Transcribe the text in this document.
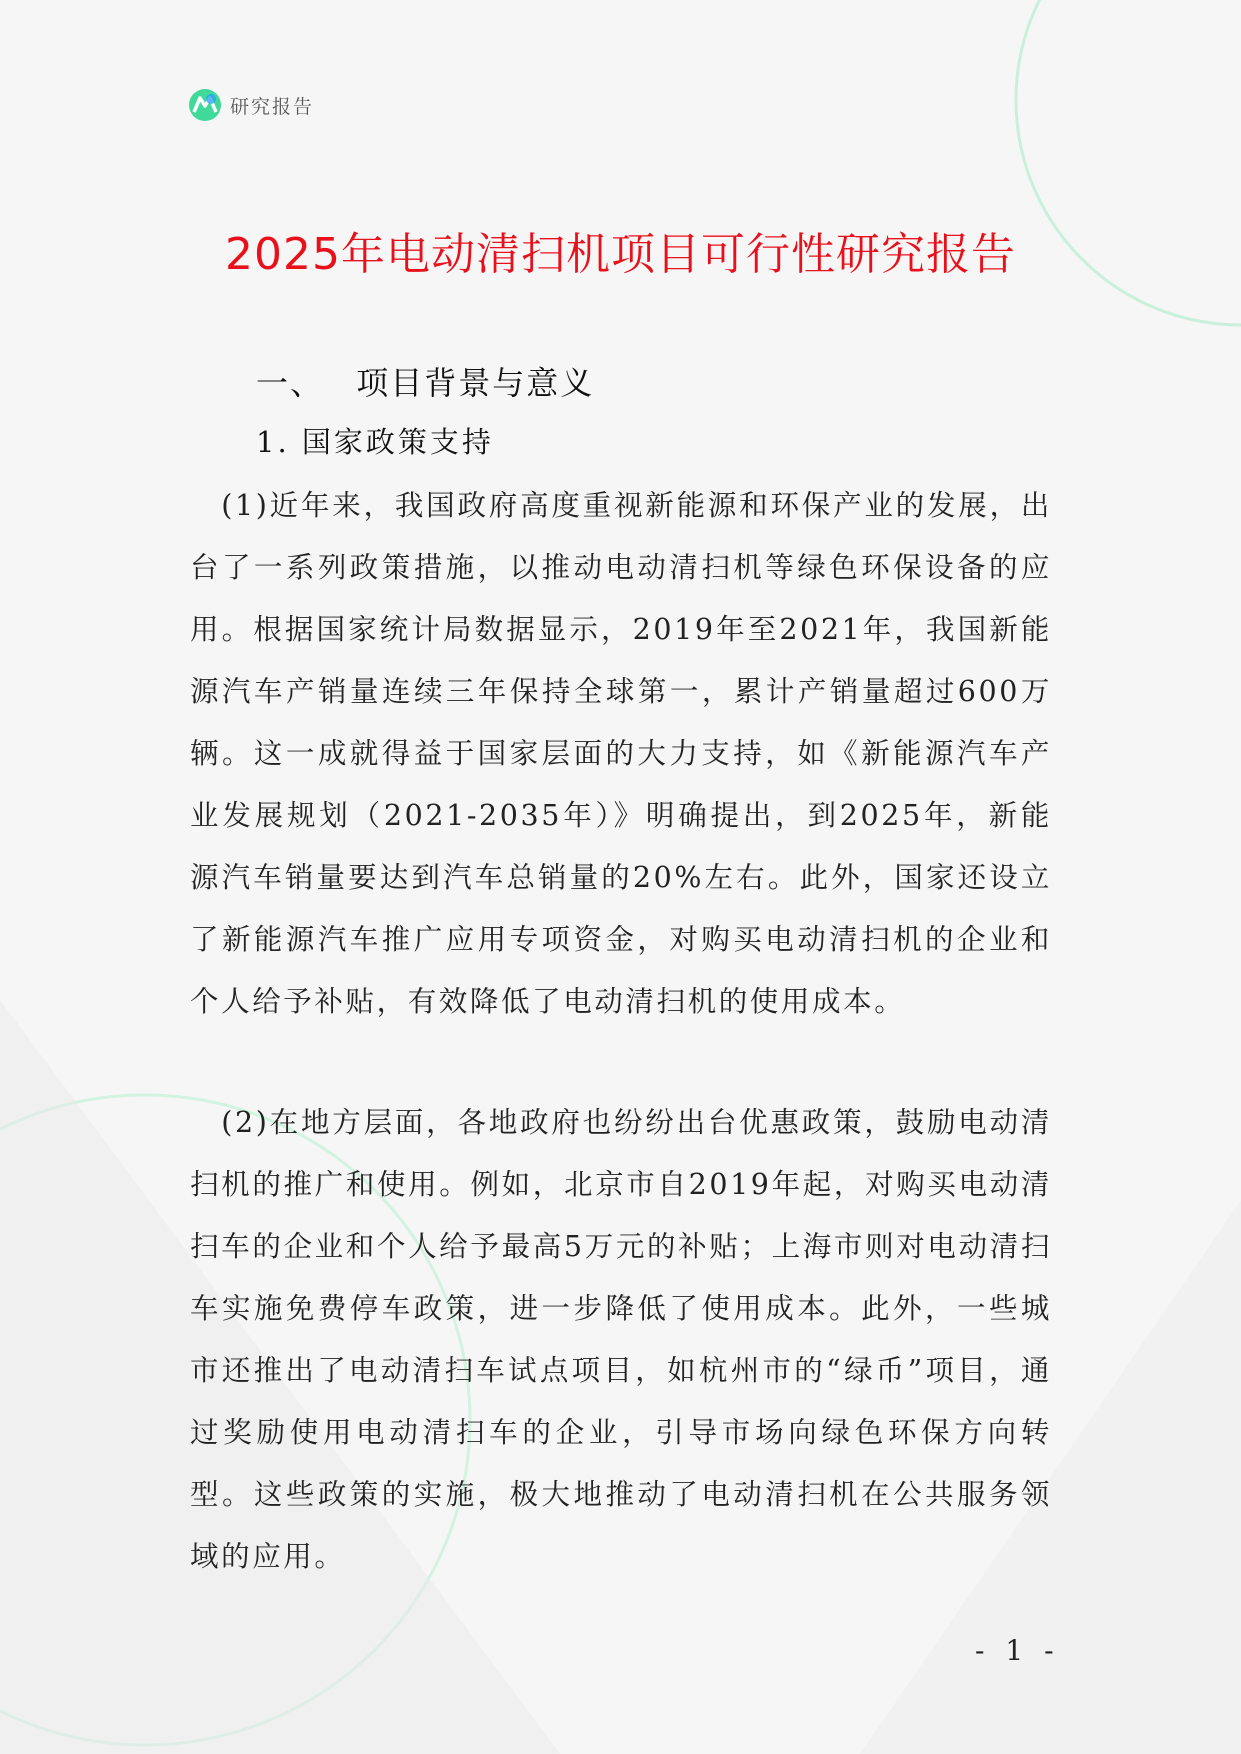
研究报告
2025年电动清扫机项目可行性研究报告
一、 项目背景与意义
1. 国家政策支持

　(1)近年来，我国政府高度重视新能源和环保产业的发展，出台了一系列政策措施，以推动电动清扫机等绿色环保设备的应用。根据国家统计局数据显示，2019年至2021年，我国新能源汽车产销量连续三年保持全球第一，累计产销量超过600万辆。这一成就得益于国家层面的大力支持，如《新能源汽车产业发展规划（2021-2035年）》明确提出，到2025年，新能源汽车销量要达到汽车总销量的20%左右。此外，国家还设立了新能源汽车推广应用专项资金，对购买电动清扫机的企业和个人给予补贴，有效降低了电动清扫机的使用成本。

　(2)在地方层面，各地政府也纷纷出台优惠政策，鼓励电动清扫机的推广和使用。例如，北京市自2019年起，对购买电动清扫车的企业和个人给予最高5万元的补贴；上海市则对电动清扫车实施免费停车政策，进一步降低了使用成本。此外，一些城市还推出了电动清扫车试点项目，如杭州市的“绿币”项目，通过奖励使用电动清扫车的企业，引导市场向绿色环保方向转型。这些政策的实施，极大地推动了电动清扫机在公共服务领域的应用。

- 1 -
